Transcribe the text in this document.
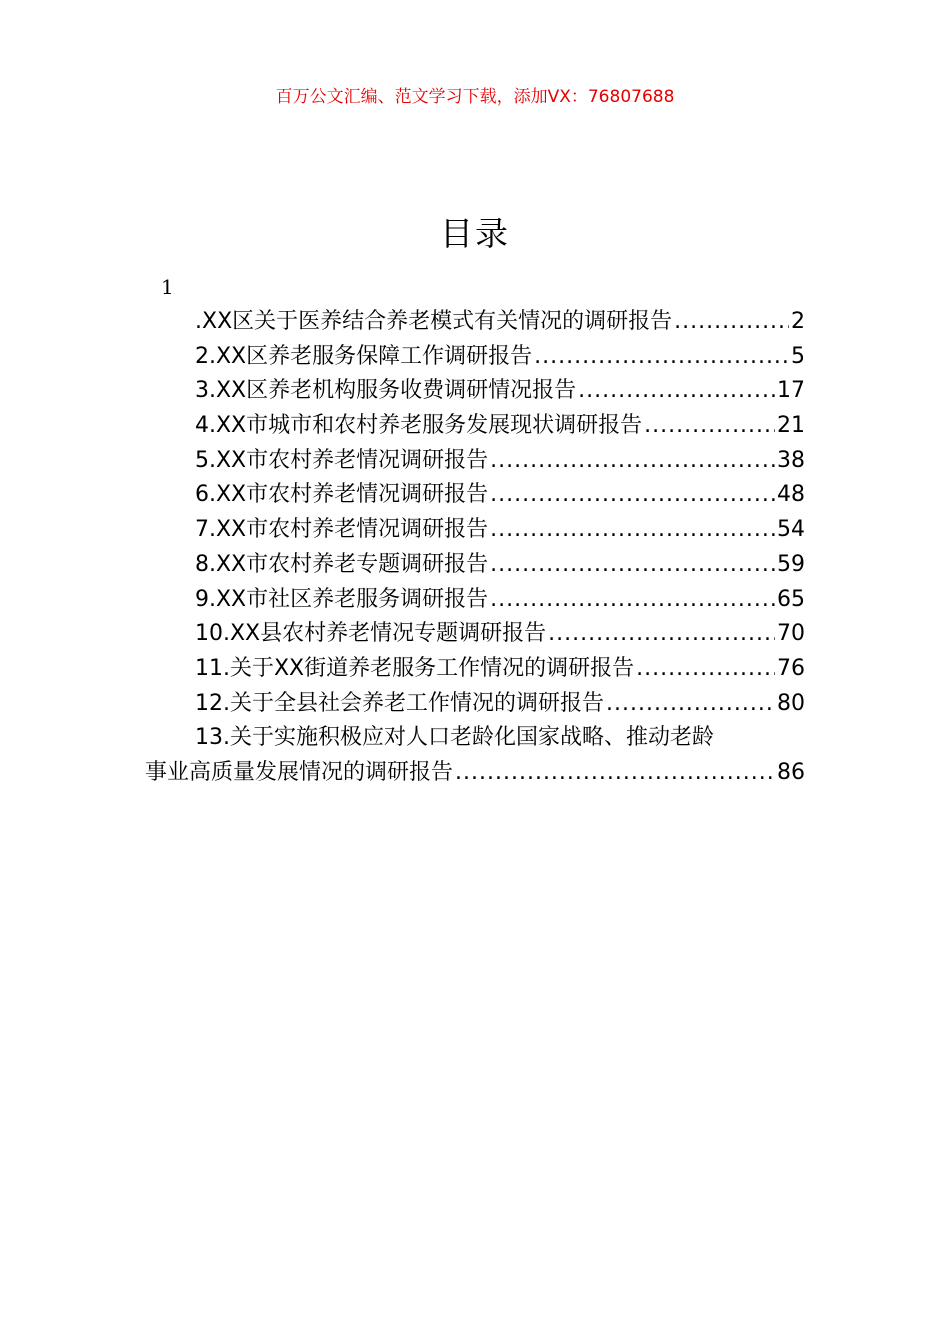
百万公文汇编、范文学习下载，添加VX：76807688
目录
1
.XX区关于医养结合养老模式有关情况的调研报告 .....	2
2.XX区养老服务保障工作调研报告 .....	5
3.XX区养老机构服务收费调研情况报告 .....	17
4.XX市城市和农村养老服务发展现状调研报告 .....	21
5.XX市农村养老情况调研报告 .....	38
6.XX市农村养老情况调研报告 .....	48
7.XX市农村养老情况调研报告 .....	54
8.XX市农村养老专题调研报告 .....	59
9.XX市社区养老服务调研报告 .....	65
10.XX县农村养老情况专题调研报告 .....	70
11.关于XX街道养老服务工作情况的调研报告 .....	76
12.关于全县社会养老工作情况的调研报告 .....	80
13.关于实施积极应对人口老龄化国家战略、推动老龄
事业高质量发展情况的调研报告 .....	86
